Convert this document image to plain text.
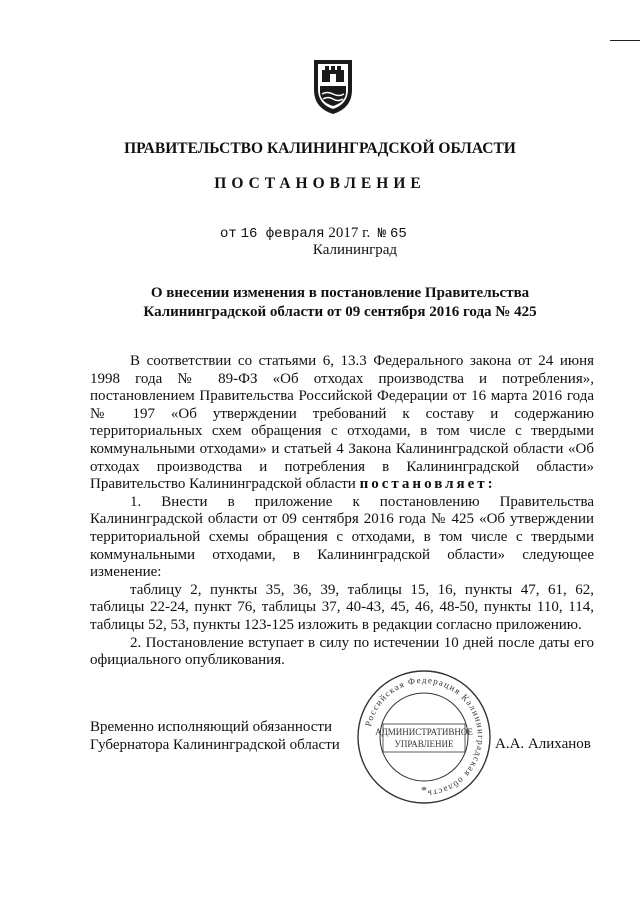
ПРАВИТЕЛЬСТВО КАЛИНИНГРАДСКОЙ ОБЛАСТИ
ПОСТАНОВЛЕНИЕ
от 16 февраля 2017 г. № 65
Калининград
О внесении изменения в постановление Правительства
Калининградской области от 09 сентября 2016 года № 425

В соответствии со статьями 6, 13.3 Федерального закона от 24 июня 1998 года № 89-ФЗ «Об отходах производства и потребления», постановлением Правительства Российской Федерации от 16 марта 2016 года № 197 «Об утверждении требований к составу и содержанию территориальных схем обращения с отходами, в том числе с твердыми коммунальными отходами» и статьей 4 Закона Калининградской области «Об отходах производства и потребления в Калининградской области» Правительство Калининградской области постановляет:

1. Внести в приложение к постановлению Правительства Калининградской области от 09 сентября 2016 года № 425 «Об утверждении территориальной схемы обращения с отходами, в том числе с твердыми коммунальными отходами, в Калининградской области» следующее изменение:

таблицу 2, пункты 35, 36, 39, таблицы 15, 16, пункты 47, 61, 62, таблицы 22-24, пункт 76, таблицы 37, 40-43, 45, 46, 48-50, пункты 110, 114, таблицы 52, 53, пункты 123-125 изложить в редакции согласно приложению.

2. Постановление вступает в силу по истечении 10 дней после даты его официального опубликования.

Временно исполняющий обязанности
Губернатора Калининградской области
Российская Федерация Калининградская область
АДМИНИСТРАТИВНОЕ
УПРАВЛЕНИЕ
*
А.А. Алиханов
